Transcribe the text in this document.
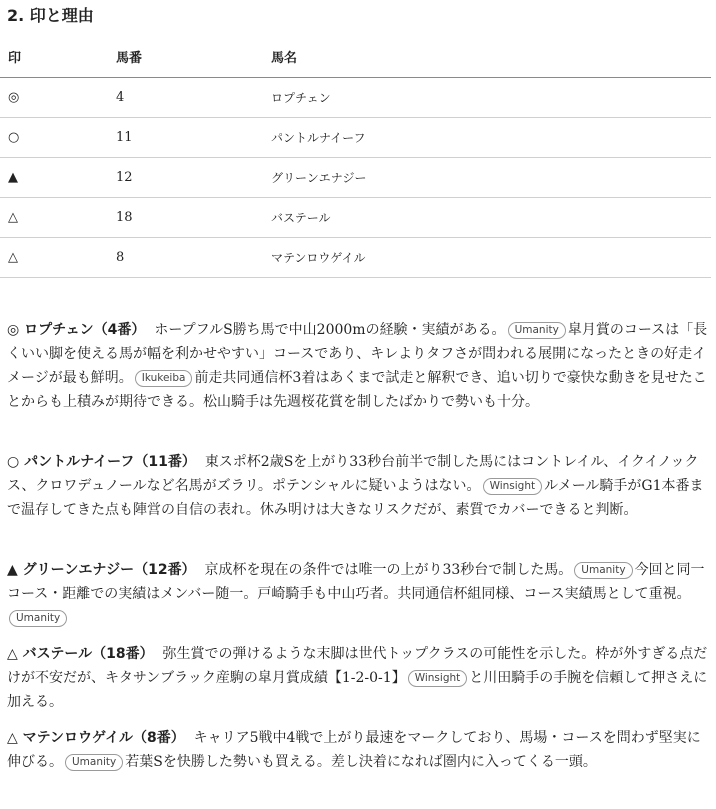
2. 印と理由
印	馬番	馬名
◎	4	ロプチェン
○	11	パントルナイーフ
▲	12	グリーンエナジー
△	18	バステール
△	8	マテンロウゲイル

◎ ロプチェン（4番） ホープフルS勝ち馬で中山2000mの経験・実績がある。 Umanity 皐月賞のコースは「長くいい脚を使える馬が幅を利かせやすい」コースであり、キレよりタフさが問われる展開になったときの好走イメージが最も鮮明。 Ikukeiba 前走共同通信杯3着はあくまで試走と解釈でき、追い切りで豪快な動きを見せたことからも上積みが期待できる。松山騎手は先週桜花賞を制したばかりで勢いも十分。

○ パントルナイーフ（11番） 東スポ杯2歳Sを上がり33秒台前半で制した馬にはコントレイル、イクイノックス、クロワデュノールなど名馬がズラリ。ポテンシャルに疑いようはない。 Winsight ルメール騎手がG1本番まで温存してきた点も陣営の自信の表れ。休み明けは大きなリスクだが、素質でカバーできると判断。

▲ グリーンエナジー（12番） 京成杯を現在の条件では唯一の上がり33秒台で制した馬。 Umanity 今回と同一コース・距離での実績はメンバー随一。戸崎騎手も中山巧者。共同通信杯組同様、コース実績馬として重視。Umanity

△ バステール（18番） 弥生賞での弾けるような末脚は世代トップクラスの可能性を示した。枠が外すぎる点だけが不安だが、キタサンブラック産駒の皐月賞成績【1-2-0-1】 Winsight と川田騎手の手腕を信頼して押さえに加える。

△ マテンロウゲイル（8番） キャリア5戦中4戦で上がり最速をマークしており、馬場・コースを問わず堅実に伸びる。 Umanity 若葉Sを快勝した勢いも買える。差し決着になれば圏内に入ってくる一頭。
